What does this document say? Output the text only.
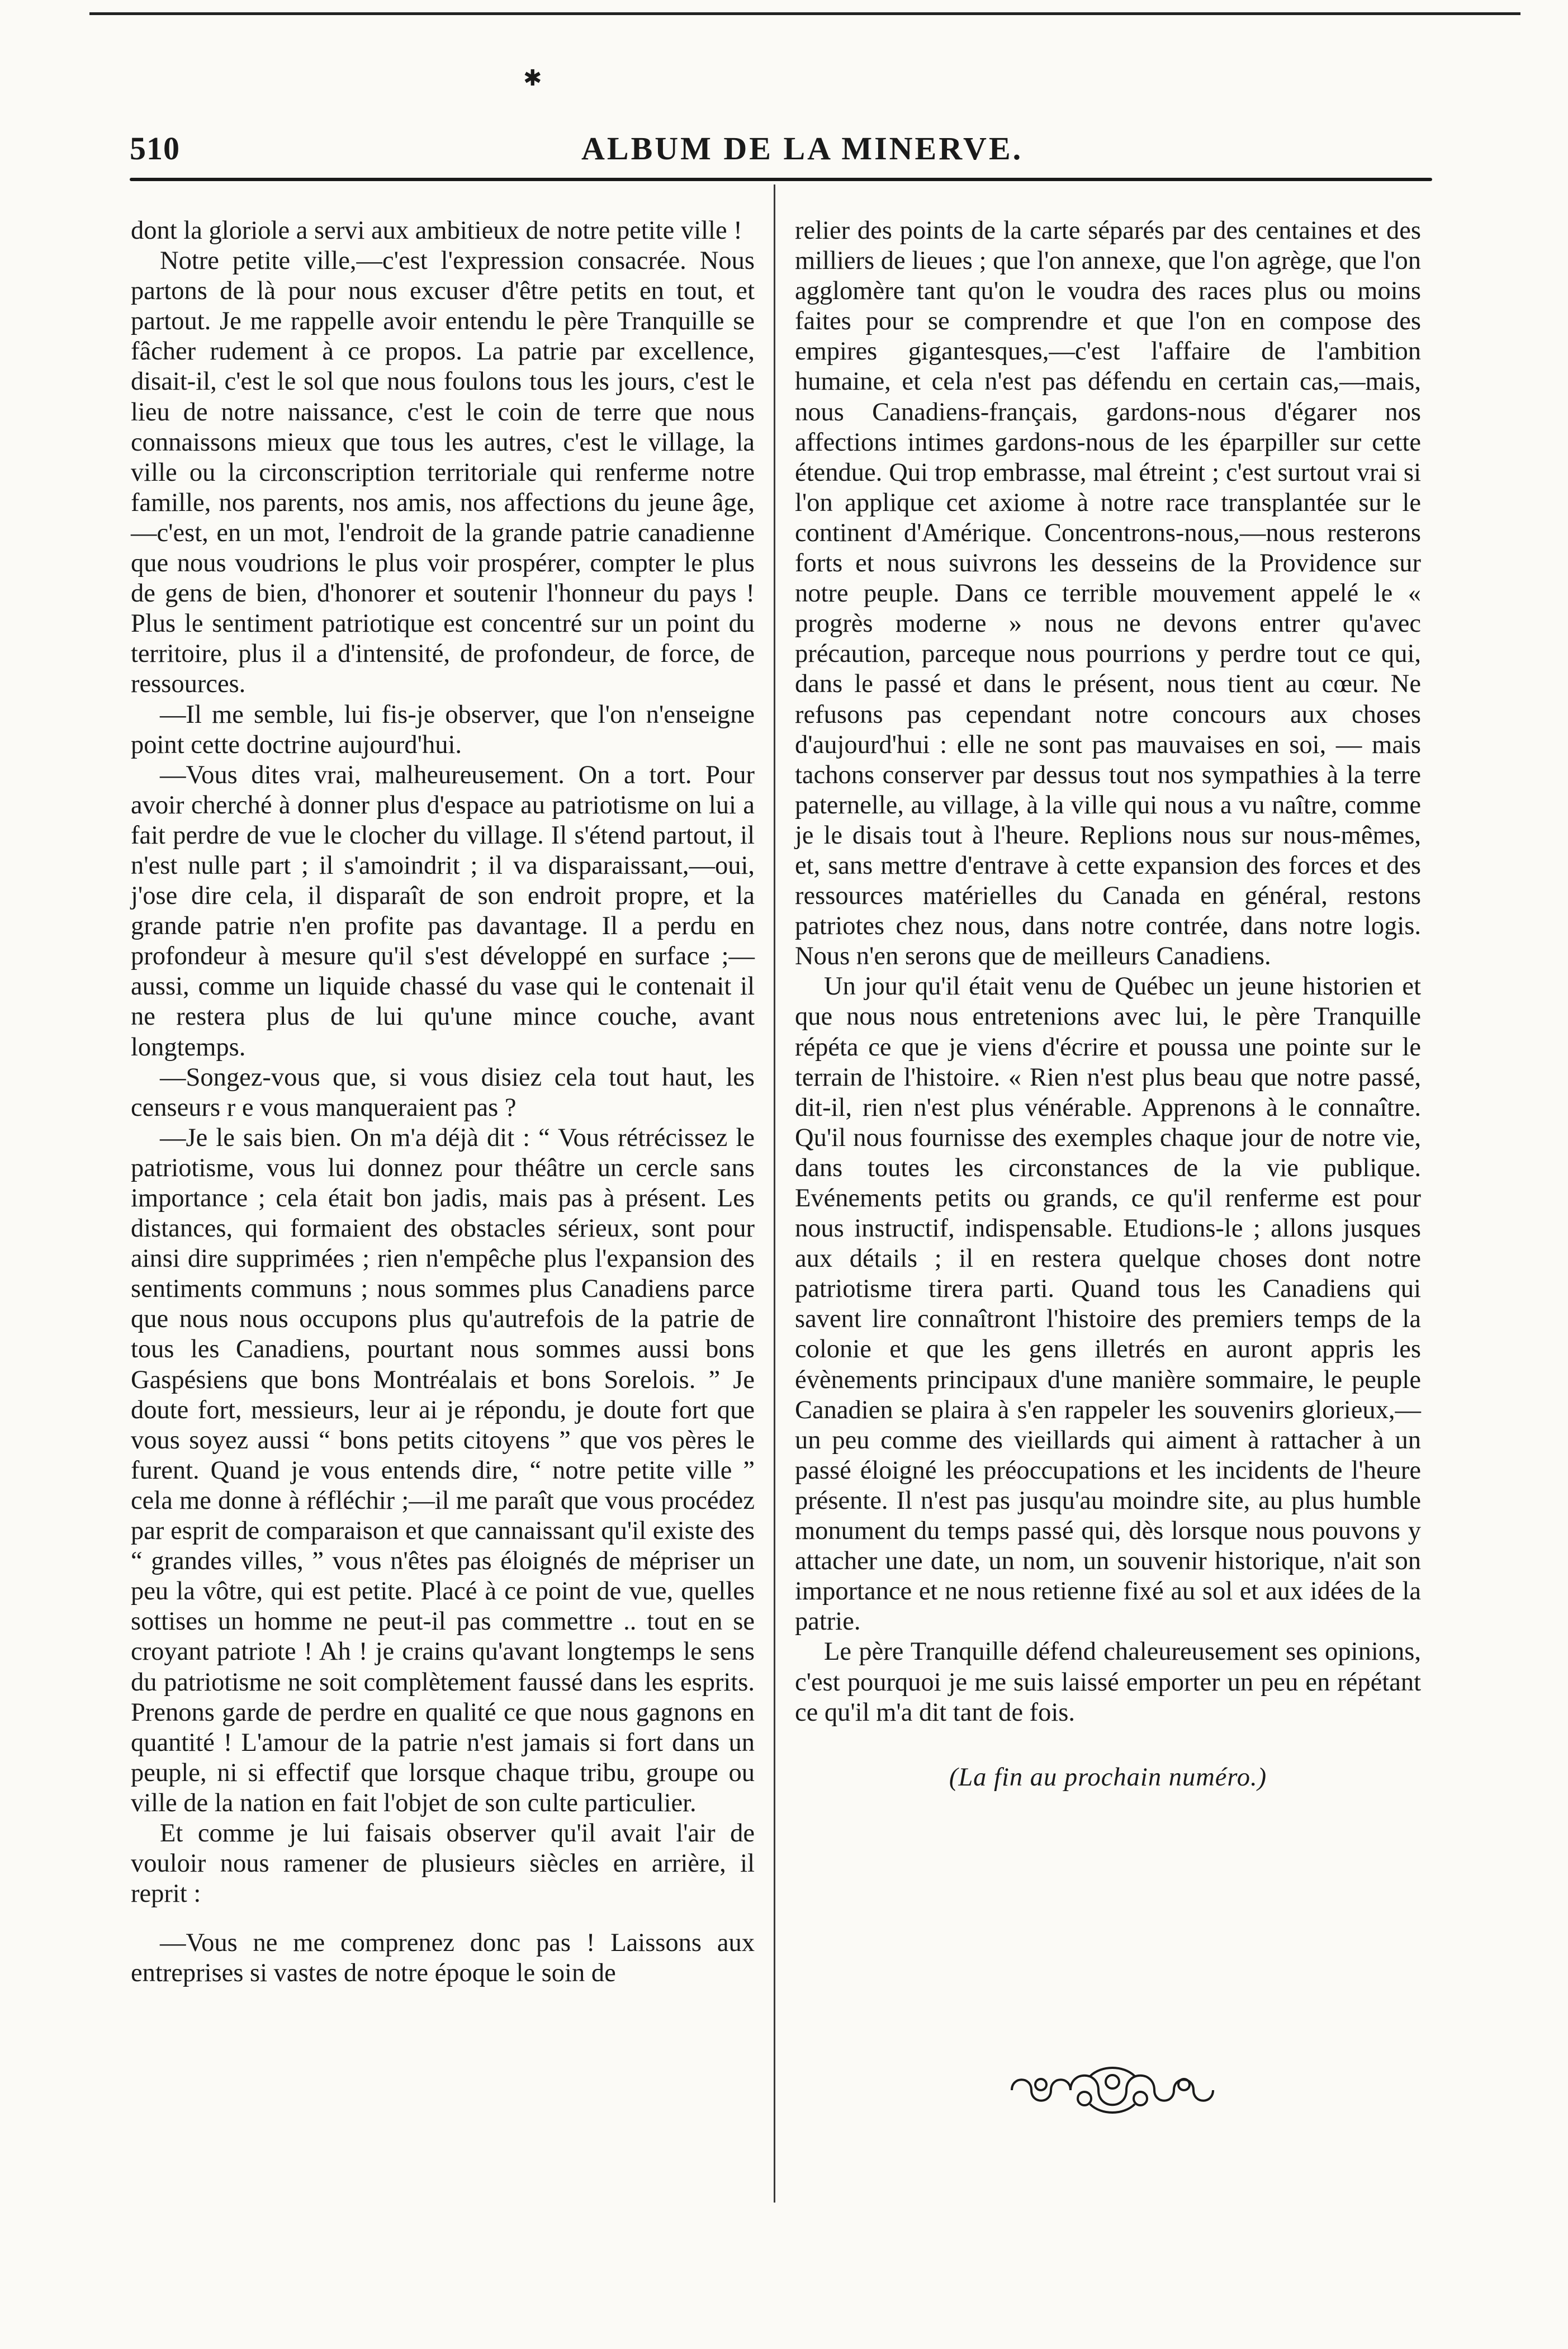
✱
510	ALBUM DE LA MINERVE.

dont la gloriole a servi aux ambitieux de notre petite ville !

Notre petite ville,—c'est l'expression consacrée. Nous partons de là pour nous excuser d'être petits en tout, et partout. Je me rappelle avoir entendu le père Tranquille se fâcher rudement à ce propos. La patrie par excellence, disait-il, c'est le sol que nous foulons tous les jours, c'est le lieu de notre naissance, c'est le coin de terre que nous connaissons mieux que tous les autres, c'est le village, la ville ou la circonscription territoriale qui renferme notre famille, nos parents, nos amis, nos affections du jeune âge,—c'est, en un mot, l'endroit de la grande patrie canadienne que nous voudrions le plus voir prospérer, compter le plus de gens de bien, d'honorer et soutenir l'honneur du pays ! Plus le sentiment patriotique est concentré sur un point du territoire, plus il a d'intensité, de profondeur, de force, de ressources.

—Il me semble, lui fis-je observer, que l'on n'enseigne point cette doctrine aujourd'hui.

—Vous dites vrai, malheureusement. On a tort. Pour avoir cherché à donner plus d'espace au patriotisme on lui a fait perdre de vue le clocher du village. Il s'étend partout, il n'est nulle part ; il s'amoindrit ; il va disparaissant,—oui, j'ose dire cela, il disparaît de son endroit propre, et la grande patrie n'en profite pas davantage. Il a perdu en profondeur à mesure qu'il s'est développé en surface ;—aussi, comme un liquide chassé du vase qui le contenait il ne restera plus de lui qu'une mince couche, avant longtemps.

—Songez-vous que, si vous disiez cela tout haut, les censeurs r e vous manqueraient pas ?

—Je le sais bien. On m'a déjà dit : “ Vous rétrécissez le patriotisme, vous lui donnez pour théâtre un cercle sans importance ; cela était bon jadis, mais pas à présent. Les distances, qui formaient des obstacles sérieux, sont pour ainsi dire supprimées ; rien n'empêche plus l'expansion des sentiments communs ; nous sommes plus Canadiens parce que nous nous occupons plus qu'autrefois de la patrie de tous les Canadiens, pourtant nous sommes aussi bons Gaspésiens que bons Montréalais et bons Sorelois. ” Je doute fort, messieurs, leur ai je répondu, je doute fort que vous soyez aussi “ bons petits citoyens ” que vos pères le furent. Quand je vous entends dire, “ notre petite ville ” cela me donne à réfléchir ;—il me paraît que vous procédez par esprit de comparaison et que cannaissant qu'il existe des “ grandes villes, ” vous n'êtes pas éloignés de mépriser un peu la vôtre, qui est petite. Placé à ce point de vue, quelles sottises un homme ne peut-il pas commettre .. tout en se croyant patriote ! Ah ! je crains qu'avant longtemps le sens du patriotisme ne soit complètement faussé dans les esprits. Prenons garde de perdre en qualité ce que nous gagnons en quantité ! L'amour de la patrie n'est jamais si fort dans un peuple, ni si effectif que lorsque chaque tribu, groupe ou ville de la nation en fait l'objet de son culte particulier.

Et comme je lui faisais observer qu'il avait l'air de vouloir nous ramener de plusieurs siècles en arrière, il reprit :

—Vous ne me comprenez donc pas ! Laissons aux entreprises si vastes de notre époque le soin de

relier des points de la carte séparés par des centaines et des milliers de lieues ; que l'on annexe, que l'on agrège, que l'on agglomère tant qu'on le voudra des races plus ou moins faites pour se comprendre et que l'on en compose des empires gigantesques,—c'est l'affaire de l'ambition humaine, et cela n'est pas défendu en certain cas,—mais, nous Canadiens-français, gardons-nous d'égarer nos affections intimes gardons-nous de les éparpiller sur cette étendue. Qui trop embrasse, mal étreint ; c'est surtout vrai si l'on applique cet axiome à notre race transplantée sur le continent d'Amérique. Concentrons-nous,—nous resterons forts et nous suivrons les desseins de la Providence sur notre peuple. Dans ce terrible mouvement appelé le « progrès moderne » nous ne devons entrer qu'avec précaution, parceque nous pourrions y perdre tout ce qui, dans le passé et dans le présent, nous tient au cœur. Ne refusons pas cependant notre concours aux choses d'aujourd'hui : elle ne sont pas mauvaises en soi, — mais tachons conserver par dessus tout nos sympathies à la terre paternelle, au village, à la ville qui nous a vu naître, comme je le disais tout à l'heure. Replions nous sur nous-mêmes, et, sans mettre d'entrave à cette expansion des forces et des ressources matérielles du Canada en général, restons patriotes chez nous, dans notre contrée, dans notre logis. Nous n'en serons que de meilleurs Canadiens.

Un jour qu'il était venu de Québec un jeune historien et que nous nous entretenions avec lui, le père Tranquille répéta ce que je viens d'écrire et poussa une pointe sur le terrain de l'histoire. « Rien n'est plus beau que notre passé, dit-il, rien n'est plus vénérable. Apprenons à le connaître. Qu'il nous fournisse des exemples chaque jour de notre vie, dans toutes les circonstances de la vie publique. Evénements petits ou grands, ce qu'il renferme est pour nous instructif, indispensable. Etudions-le ; allons jusques aux détails ; il en restera quelque choses dont notre patriotisme tirera parti. Quand tous les Canadiens qui savent lire connaîtront l'histoire des premiers temps de la colonie et que les gens illetrés en auront appris les évènements principaux d'une manière sommaire, le peuple Canadien se plaira à s'en rappeler les souvenirs glorieux,—un peu comme des vieillards qui aiment à rattacher à un passé éloigné les préoccupations et les incidents de l'heure présente. Il n'est pas jusqu'au moindre site, au plus humble monument du temps passé qui, dès lorsque nous pouvons y attacher une date, un nom, un souvenir historique, n'ait son importance et ne nous retienne fixé au sol et aux idées de la patrie.

Le père Tranquille défend chaleureusement ses opinions, c'est pourquoi je me suis laissé emporter un peu en répétant ce qu'il m'a dit tant de fois.

(La fin au prochain numéro.)
